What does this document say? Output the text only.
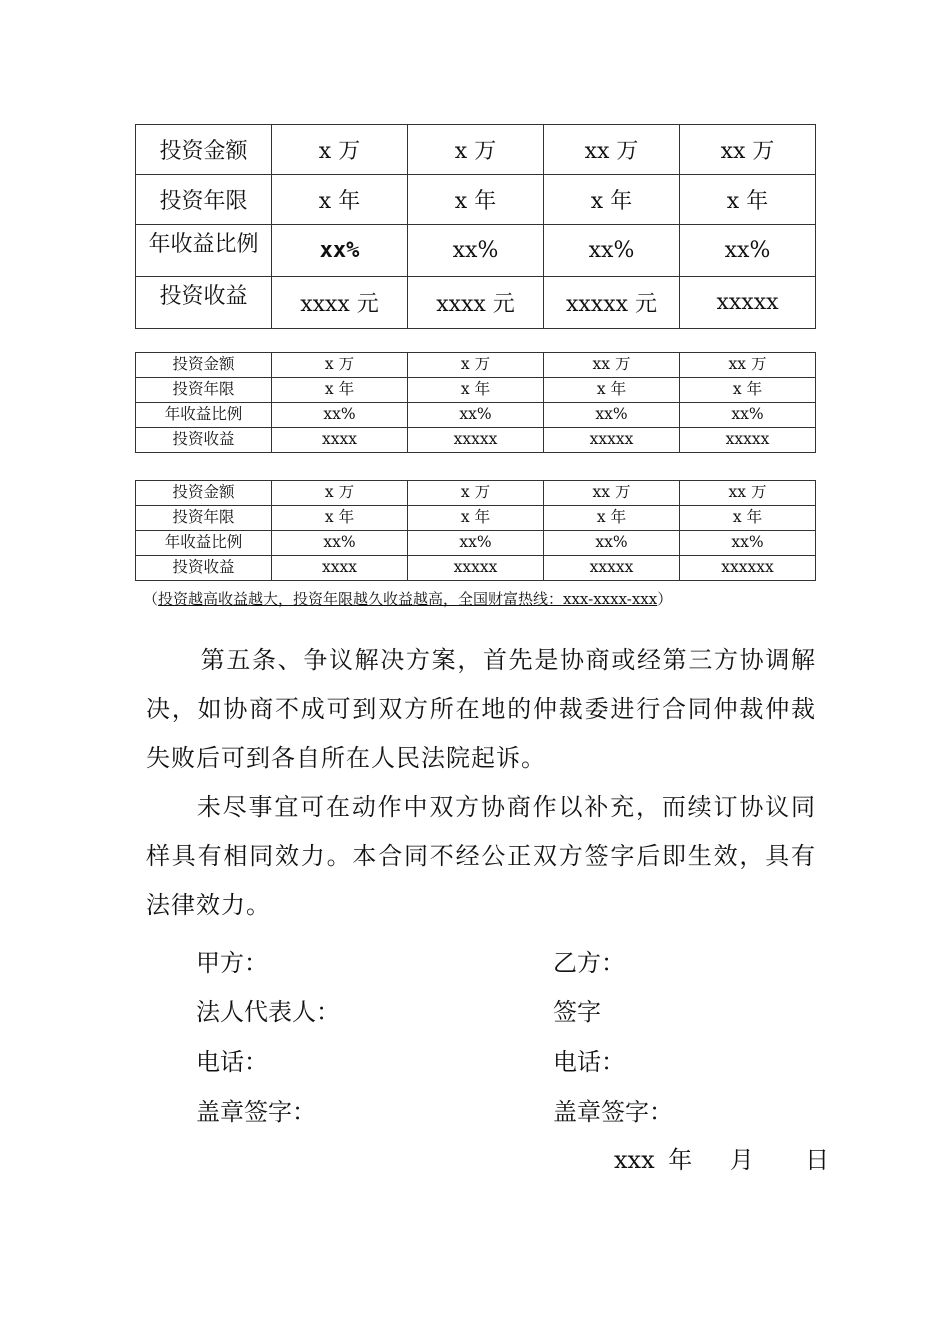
投资金额	x 万	x 万	xx 万	xx 万
投资年限	x 年	x 年	x 年	x 年
年收益比例	xx%	xx%	xx%	xx%
投资收益	xxxx 元	xxxx 元	xxxxx 元	xxxxx
投资金额	x 万	x 万	xx 万	xx 万
投资年限	x 年	x 年	x 年	x 年
年收益比例	xx%	xx%	xx%	xx%
投资收益	xxxx	xxxxx	xxxxx	xxxxx
投资金额	x 万	x 万	xx 万	xx 万
投资年限	x 年	x 年	x 年	x 年
年收益比例	xx%	xx%	xx%	xx%
投资收益	xxxx	xxxxx	xxxxx	xxxxxx
（投资越高收益越大，投资年限越久收益越高，全国财富热线：xxx-xxxx-xxx）
第五条、争议解决方案，首先是协商或经第三方协调解决，如协商不成可到双方所在地的仲裁委进行合同仲裁仲裁失败后可到各自所在人民法院起诉。
未尽事宜可在动作中双方协商作以补充，而续订协议同样具有相同效力。本合同不经公正双方签字后即生效，具有法律效力。
甲方：	乙方：
法人代表人：	签字
电话：	电话：
盖章签字：	盖章签字：
xxx 年　 月 　 日
